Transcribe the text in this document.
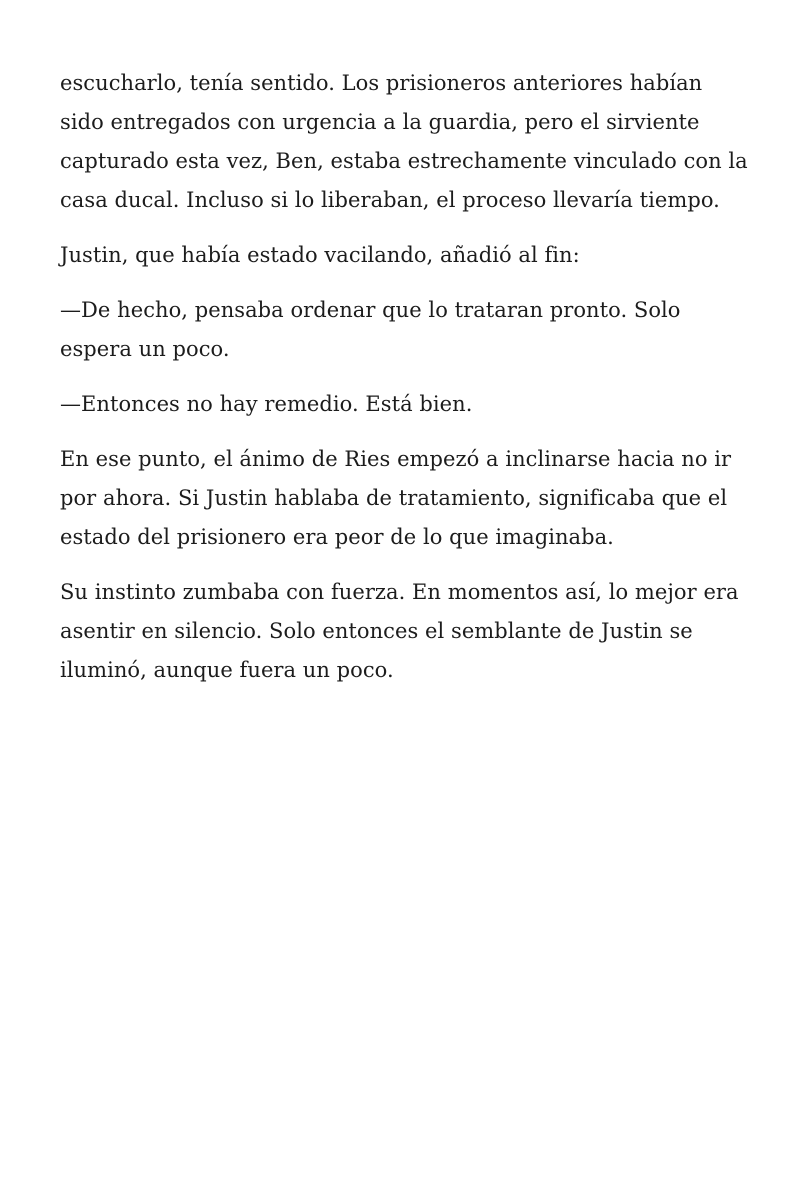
escucharlo, tenía sentido. Los prisioneros anteriores habían sido entregados con urgencia a la guardia, pero el sirviente capturado esta vez, Ben, estaba estrechamente vinculado con la casa ducal. Incluso si lo liberaban, el proceso llevaría tiempo.

Justin, que había estado vacilando, añadió al fin:

—De hecho, pensaba ordenar que lo trataran pronto. Solo espera un poco.

—Entonces no hay remedio. Está bien.

En ese punto, el ánimo de Ries empezó a inclinarse hacia no ir por ahora. Si Justin hablaba de tratamiento, significaba que el estado del prisionero era peor de lo que imaginaba.

Su instinto zumbaba con fuerza. En momentos así, lo mejor era asentir en silencio. Solo entonces el semblante de Justin se iluminó, aunque fuera un poco.
